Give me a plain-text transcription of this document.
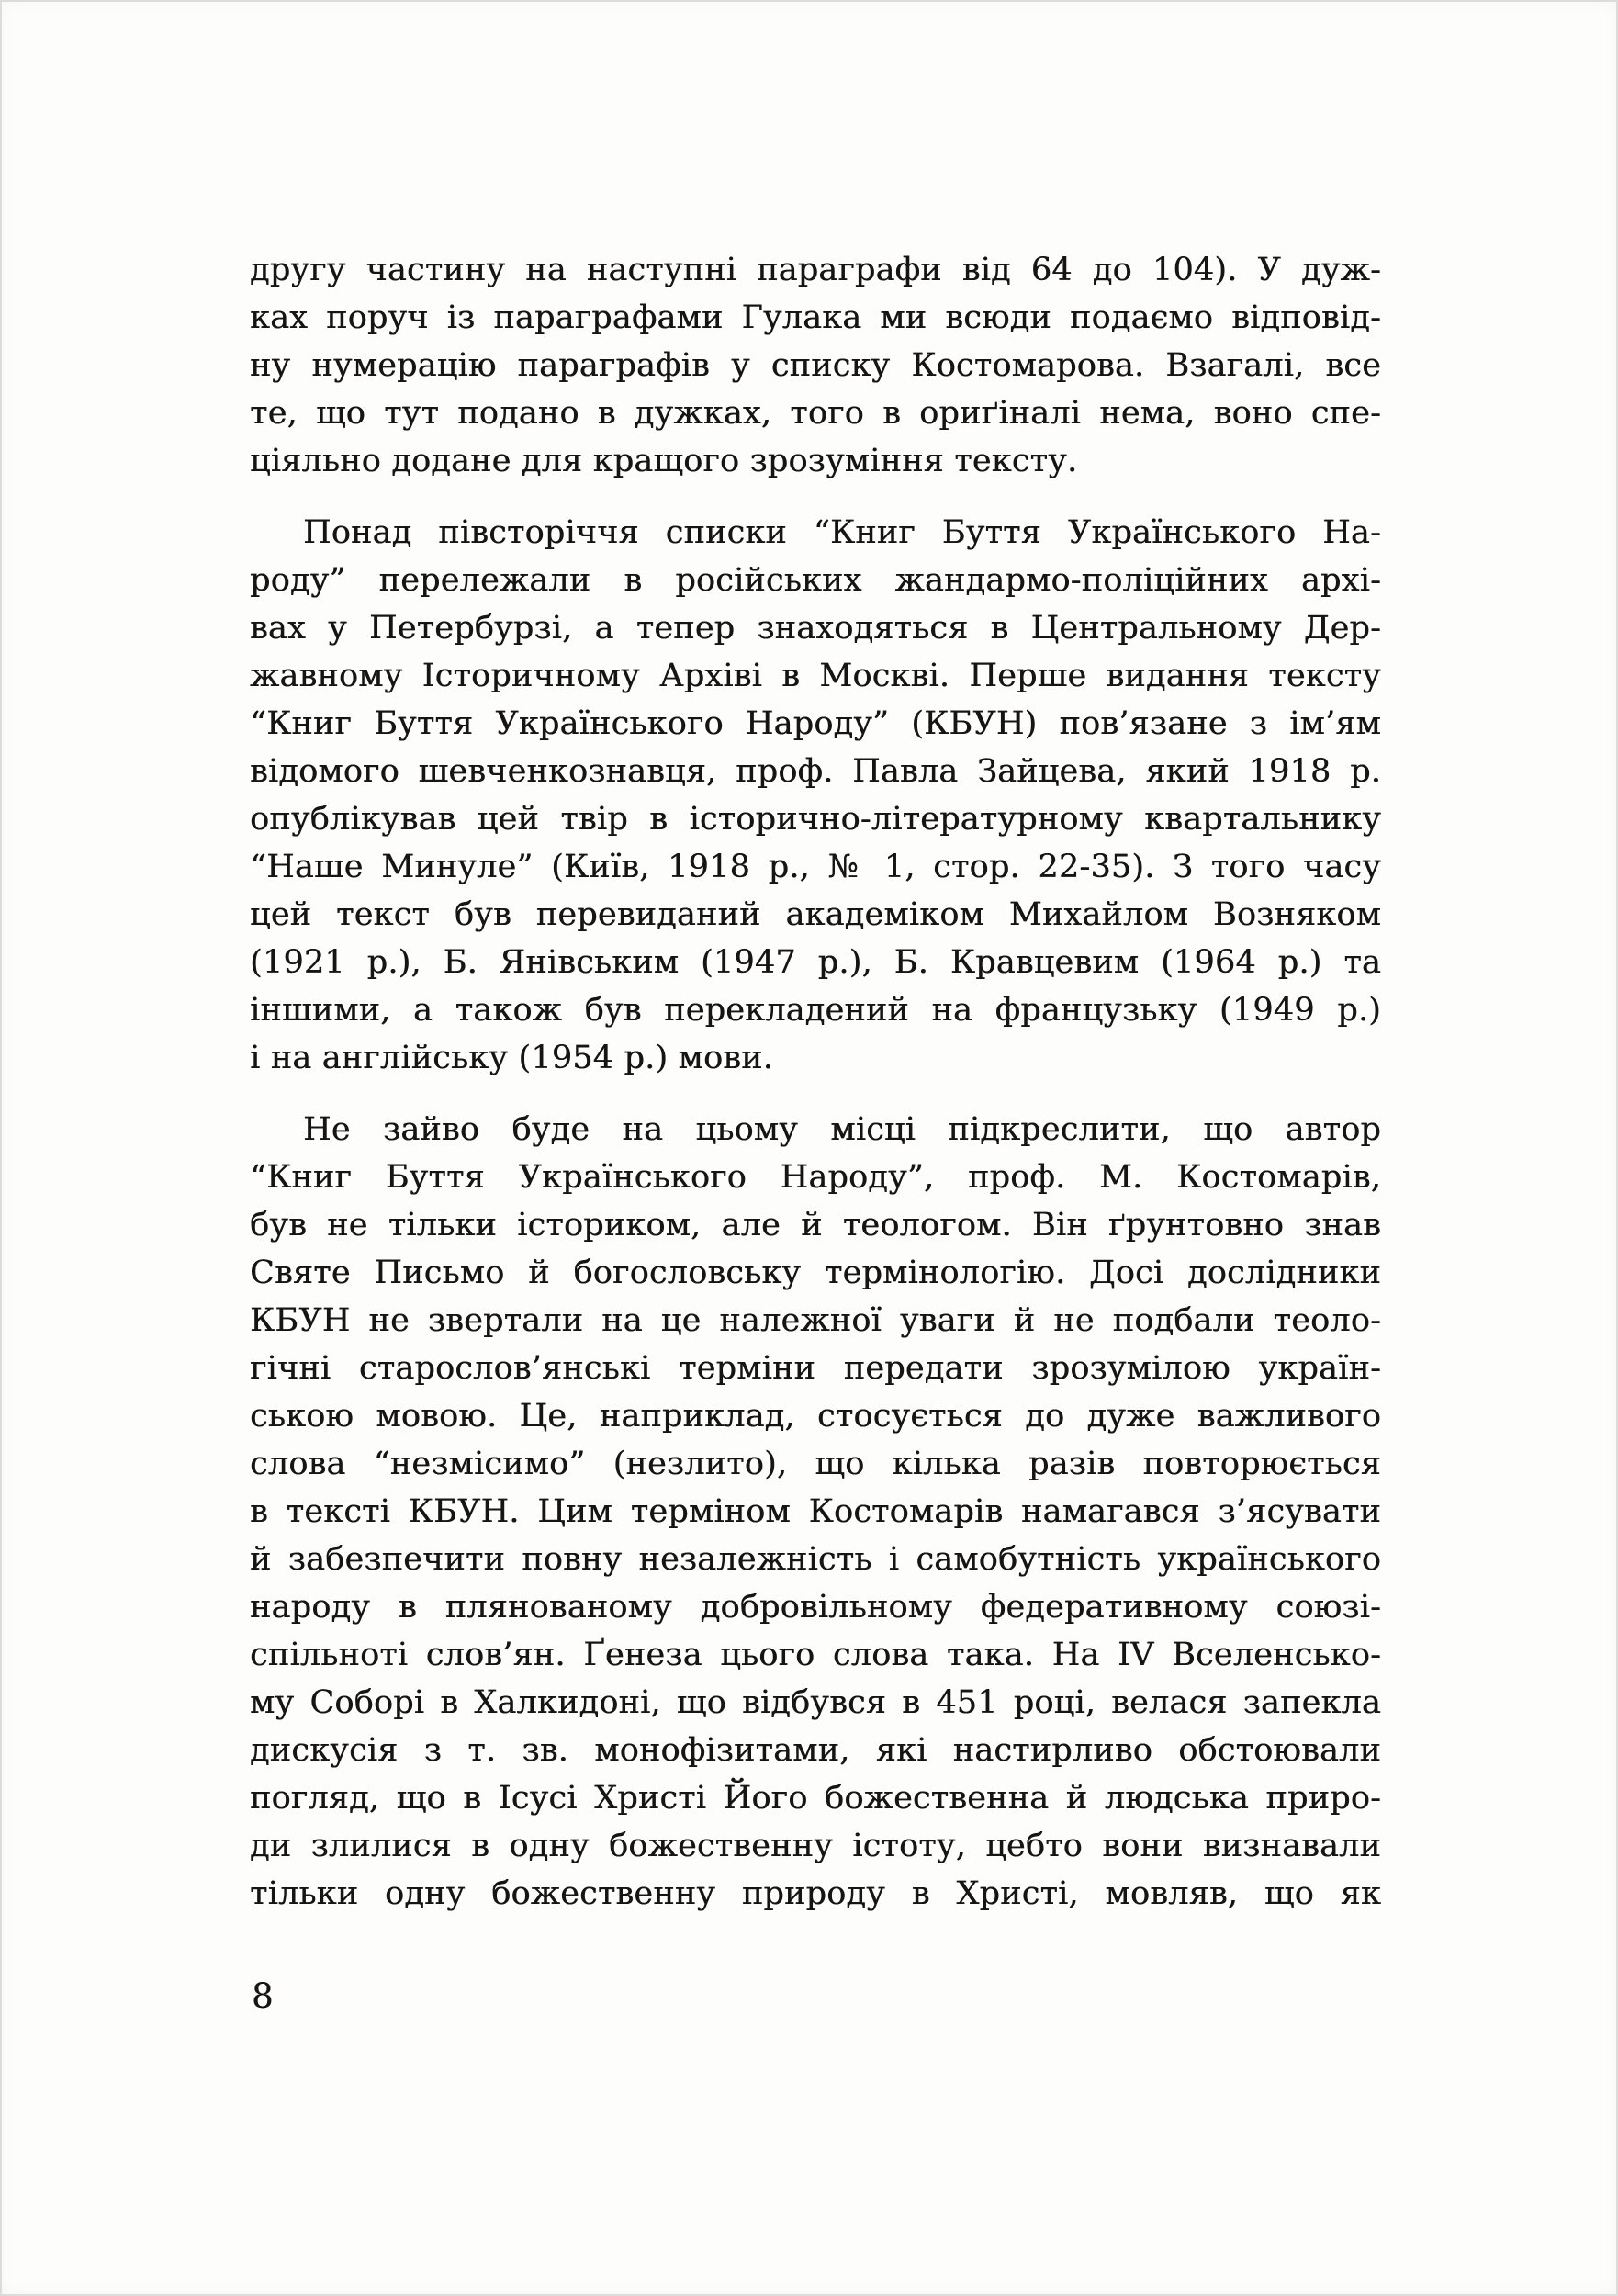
другу частину на наступні параграфи від 64 до 104). У дуж-
ках поруч із параграфами Гулака ми всюди подаємо відповід-
ну нумерацію параграфів у списку Костомарова. Взагалі, все
те, що тут подано в дужках, того в ориґіналі нема, воно спе-
ціяльно додане для кращого зрозуміння тексту.

Понад півсторіччя списки “Книг Буття Українського На-
роду” перележали в російських жандармо-поліційних архі-
вах у Петербурзі, а тепер знаходяться в Центральному Дер-
жавному Історичному Архіві в Москві. Перше видання тексту
“Книг Буття Українського Народу” (КБУН) пов’язане з ім’ям
відомого шевченкознавця, проф. Павла Зайцева, який 1918 р.
опублікував цей твір в історично-літературному квартальнику
“Наше Минуле” (Київ, 1918 р., № 1, стор. 22-35). З того часу
цей текст був перевиданий академіком Михайлом Возняком
(1921 р.), Б. Янівським (1947 р.), Б. Кравцевим (1964 р.) та
іншими, а також був перекладений на французьку (1949 р.)
і на англійську (1954 р.) мови.

Не зайво буде на цьому місці підкреслити, що автор
“Книг Буття Українського Народу”, проф. М. Костомарів,
був не тільки істориком, але й теологом. Він ґрунтовно знав
Святе Письмо й богословську термінологію. Досі дослідники
КБУН не звертали на це належної уваги й не подбали теоло-
гічні старослов’янські терміни передати зрозумілою україн-
ською мовою. Це, наприклад, стосується до дуже важливого
слова “незмісимо” (незлито), що кілька разів повторюється
в тексті КБУН. Цим терміном Костомарів намагався з’ясувати
й забезпечити повну незалежність і самобутність українського
народу в плянованому добровільному федеративному союзі-
спільноті слов’ян. Ґенеза цього слова така. На IV Вселенсько-
му Соборі в Халкидоні, що відбувся в 451 році, велася запекла
дискусія з т. зв. монофізитами, які настирливо обстоювали
погляд, що в Ісусі Христі Його божественна й людська приро-
ди злилися в одну божественну істоту, цебто вони визнавали
тільки одну божественну природу в Христі, мовляв, що як

8
